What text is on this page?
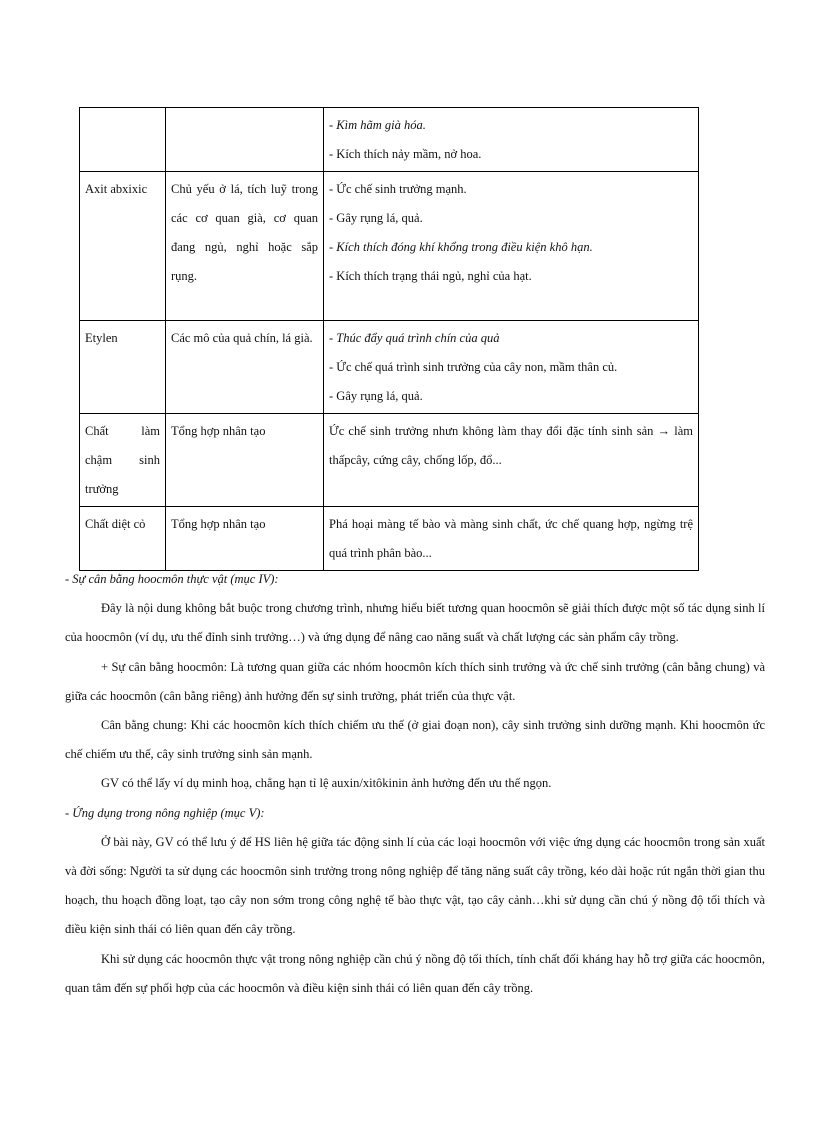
		- Kìm hãm già hóa.
- Kích thích nảy mầm, nở hoa.

Axit abxixic	Chủ yếu ở lá, tích luỹ trong các cơ quan già, cơ quan đang ngủ, nghỉ hoặc sắp rụng.	- Ức chế sinh trưởng mạnh.
- Gây rụng lá, quả.
- Kích thích đóng khí khổng trong điều kiện khô hạn.
- Kích thích trạng thái ngủ, nghỉ của hạt.

Etylen	Các mô của quả chín, lá già.	- Thúc đẩy quá trình chín của quả
- Ức chế quá trình sinh trưởng của cây non, mầm thân củ.
- Gây rụng lá, quả.

Chất làm chậm sinh trưởng	Tổng hợp nhân tạo	Ức chế sinh trưởng nhưn không làm thay đổi đặc tính sinh sản → làm thấpcây, cứng cây, chống lốp, đổ...

Chất diệt cỏ	Tổng hợp nhân tạo	Phá hoại màng tế bào và màng sinh chất, ức chế quang hợp, ngừng trệ quá trình phân bào...

- Sự cân bằng hoocmôn thực vật (mục IV):

Đây là nội dung không bắt buộc trong chương trình, nhưng hiểu biết tương quan hoocmôn sẽ giải thích được một số tác dụng sinh lí của hoocmôn (ví dụ, ưu thế đỉnh sinh trưởng…) và ứng dụng để nâng cao năng suất và chất lượng các sản phẩm cây trồng.

+ Sự cân bằng hoocmôn: Là tương quan giữa các nhóm hoocmôn kích thích sinh trưởng và ức chế sinh trưởng (cân bằng chung) và giữa các hoocmôn (cân bằng riêng) ảnh hưởng đến sự sinh trưởng, phát triển của thực vật.

Cân bằng chung: Khi các hoocmôn kích thích chiếm ưu thế (ở giai đoạn non), cây sinh trưởng sinh dưỡng mạnh. Khi hoocmôn ức chế chiếm ưu thế, cây sinh trưởng sinh sản mạnh.

GV có thể lấy ví dụ minh hoạ, chẳng hạn tỉ lệ auxin/xitôkinin ảnh hưởng đến ưu thế ngọn.

- Ứng dụng trong nông nghiệp (mục V):

Ở bài này, GV có thể lưu ý để HS liên hệ giữa tác động sinh lí của các loại hoocmôn với việc ứng dụng các hoocmôn trong sản xuất và đời sống: Người ta sử dụng các hoocmôn sinh trưởng trong nông nghiệp để tăng năng suất cây trồng, kéo dài hoặc rút ngắn thời gian thu hoạch, thu hoạch đồng loạt, tạo cây non sớm trong công nghệ tế bào thực vật, tạo cây cảnh…khi sử dụng cần chú ý nồng độ tối thích và điều kiện sinh thái có liên quan đến cây trồng.

Khi sử dụng các hoocmôn thực vật trong nông nghiệp cần chú ý nồng độ tối thích, tính chất đối kháng hay hỗ trợ giữa các hoocmôn, quan tâm đến sự phối hợp của các hoocmôn và điều kiện sinh thái có liên quan đến cây trồng.
